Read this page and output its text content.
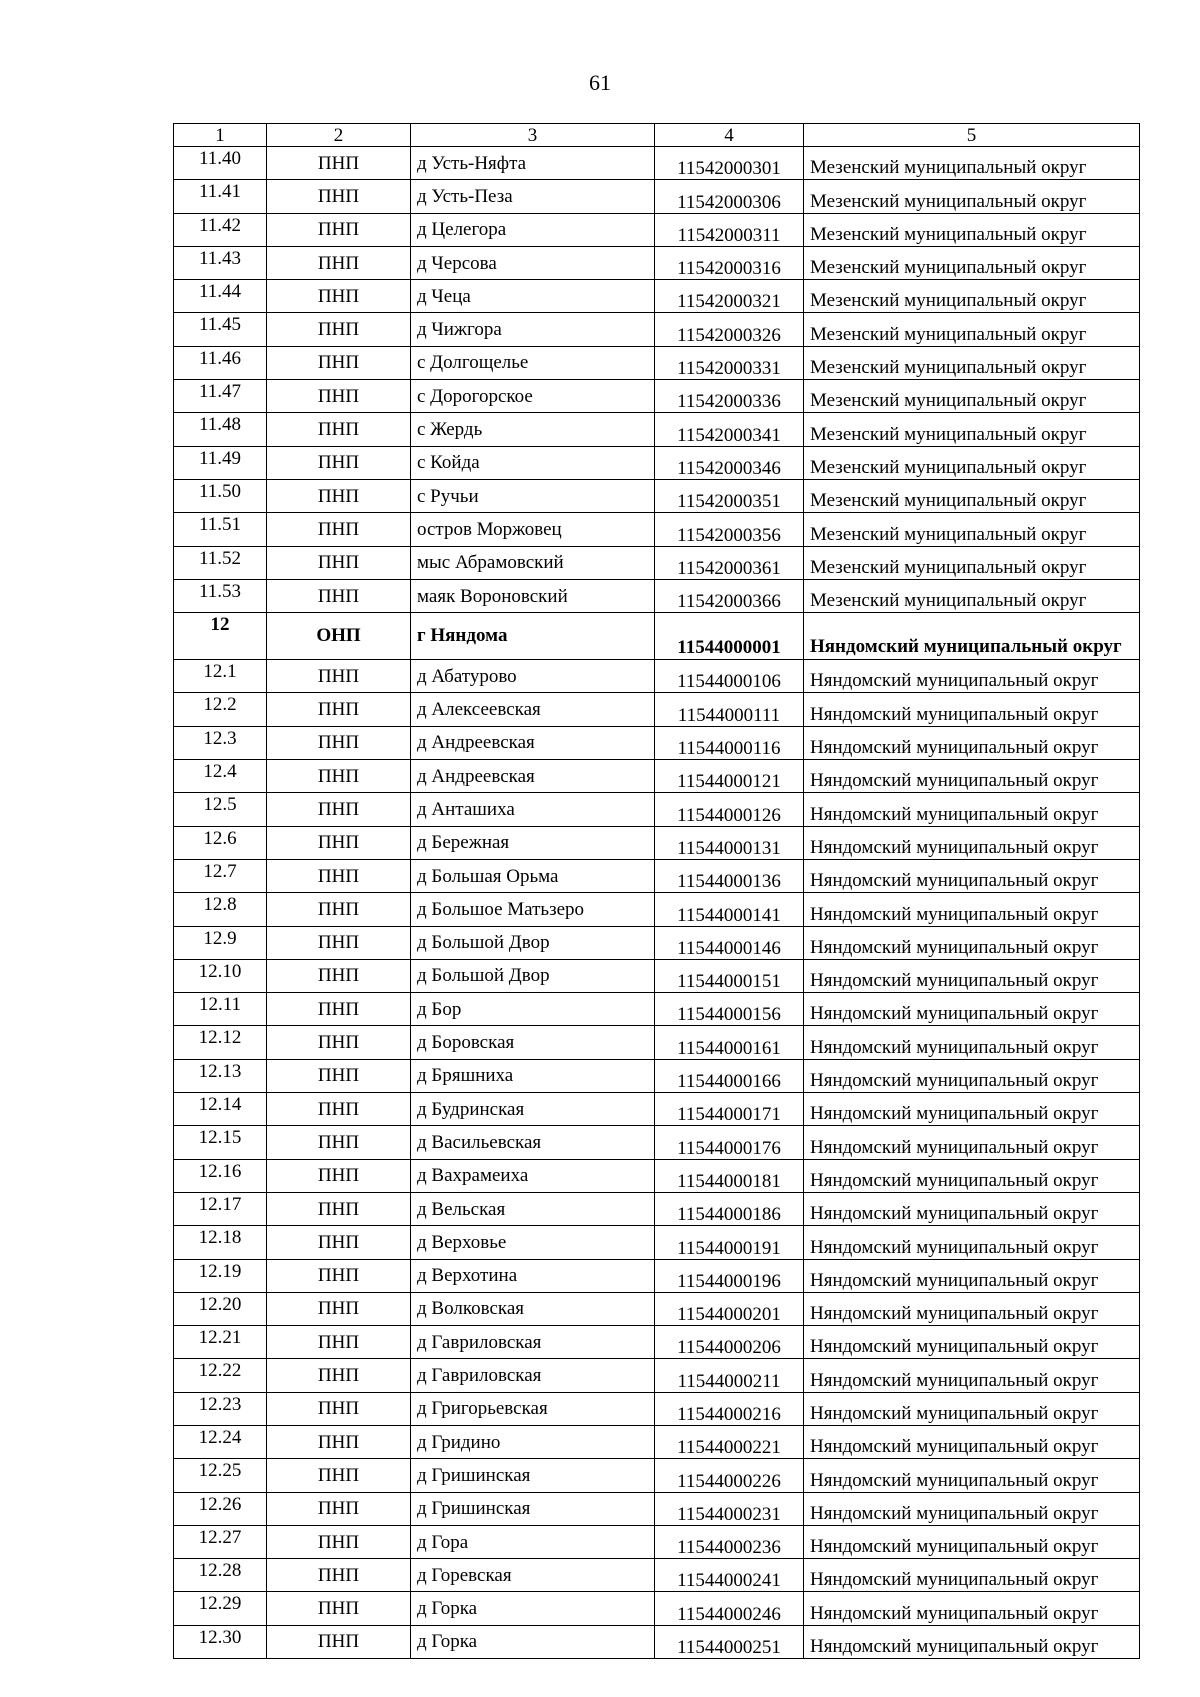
61
1	2	3	4	5
11.40	ПНП	д Усть-Няфта	11542000301	Мезенский муниципальный округ
11.41	ПНП	д Усть-Пеза	11542000306	Мезенский муниципальный округ
11.42	ПНП	д Целегора	11542000311	Мезенский муниципальный округ
11.43	ПНП	д Черсова	11542000316	Мезенский муниципальный округ
11.44	ПНП	д Чеца	11542000321	Мезенский муниципальный округ
11.45	ПНП	д Чижгора	11542000326	Мезенский муниципальный округ
11.46	ПНП	с Долгощелье	11542000331	Мезенский муниципальный округ
11.47	ПНП	с Дорогорское	11542000336	Мезенский муниципальный округ
11.48	ПНП	с Жердь	11542000341	Мезенский муниципальный округ
11.49	ПНП	с Койда	11542000346	Мезенский муниципальный округ
11.50	ПНП	с Ручьи	11542000351	Мезенский муниципальный округ
11.51	ПНП	остров Моржовец	11542000356	Мезенский муниципальный округ
11.52	ПНП	мыс Абрамовский	11542000361	Мезенский муниципальный округ
11.53	ПНП	маяк Вороновский	11542000366	Мезенский муниципальный округ
12	ОНП	г Няндома	11544000001	Няндомский муниципальный округ
12.1	ПНП	д Абатурово	11544000106	Няндомский муниципальный округ
12.2	ПНП	д Алексеевская	11544000111	Няндомский муниципальный округ
12.3	ПНП	д Андреевская	11544000116	Няндомский муниципальный округ
12.4	ПНП	д Андреевская	11544000121	Няндомский муниципальный округ
12.5	ПНП	д Анташиха	11544000126	Няндомский муниципальный округ
12.6	ПНП	д Бережная	11544000131	Няндомский муниципальный округ
12.7	ПНП	д Большая Орьма	11544000136	Няндомский муниципальный округ
12.8	ПНП	д Большое Матьзеро	11544000141	Няндомский муниципальный округ
12.9	ПНП	д Большой Двор	11544000146	Няндомский муниципальный округ
12.10	ПНП	д Большой Двор	11544000151	Няндомский муниципальный округ
12.11	ПНП	д Бор	11544000156	Няндомский муниципальный округ
12.12	ПНП	д Боровская	11544000161	Няндомский муниципальный округ
12.13	ПНП	д Бряшниха	11544000166	Няндомский муниципальный округ
12.14	ПНП	д Будринская	11544000171	Няндомский муниципальный округ
12.15	ПНП	д Васильевская	11544000176	Няндомский муниципальный округ
12.16	ПНП	д Вахрамеиха	11544000181	Няндомский муниципальный округ
12.17	ПНП	д Вельская	11544000186	Няндомский муниципальный округ
12.18	ПНП	д Верховье	11544000191	Няндомский муниципальный округ
12.19	ПНП	д Верхотина	11544000196	Няндомский муниципальный округ
12.20	ПНП	д Волковская	11544000201	Няндомский муниципальный округ
12.21	ПНП	д Гавриловская	11544000206	Няндомский муниципальный округ
12.22	ПНП	д Гавриловская	11544000211	Няндомский муниципальный округ
12.23	ПНП	д Григорьевская	11544000216	Няндомский муниципальный округ
12.24	ПНП	д Гридино	11544000221	Няндомский муниципальный округ
12.25	ПНП	д Гришинская	11544000226	Няндомский муниципальный округ
12.26	ПНП	д Гришинская	11544000231	Няндомский муниципальный округ
12.27	ПНП	д Гора	11544000236	Няндомский муниципальный округ
12.28	ПНП	д Горевская	11544000241	Няндомский муниципальный округ
12.29	ПНП	д Горка	11544000246	Няндомский муниципальный округ
12.30	ПНП	д Горка	11544000251	Няндомский муниципальный округ
